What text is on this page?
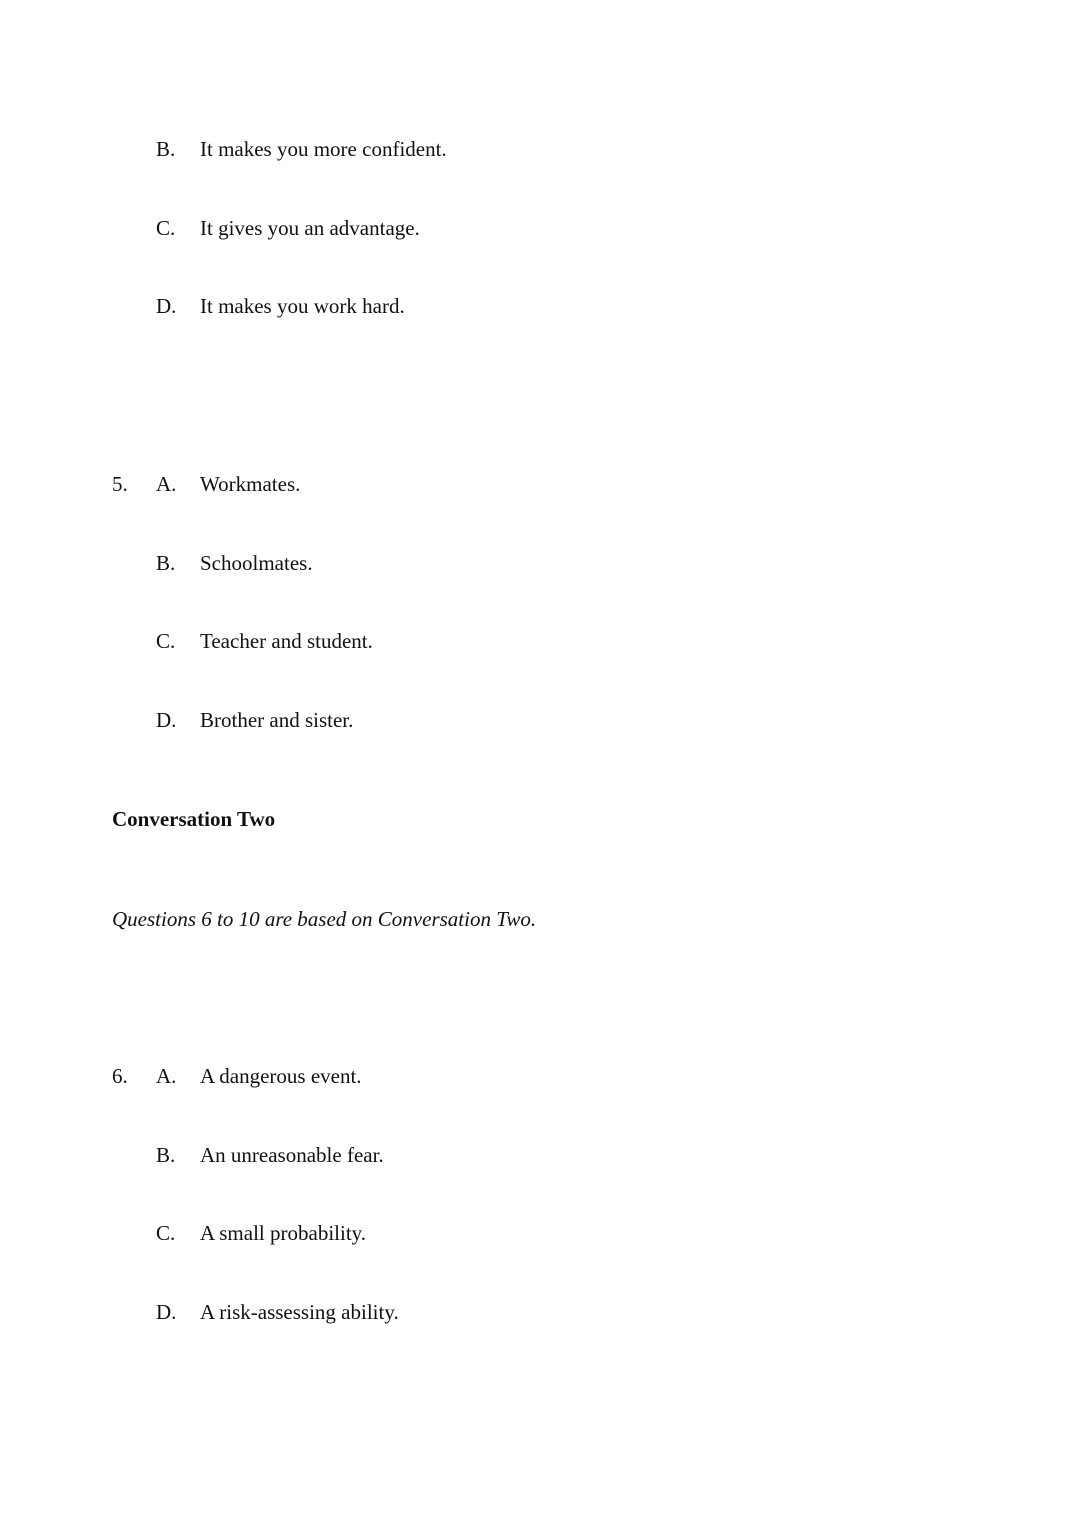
B. It makes you more confident.
C. It gives you an advantage.
D. It makes you work hard.
5. A. Workmates.
B. Schoolmates.
C. Teacher and student.
D. Brother and sister.
Conversation Two
Questions 6 to 10 are based on Conversation Two.
6. A. A dangerous event.
B. An unreasonable fear.
C. A small probability.
D. A risk-assessing ability.
